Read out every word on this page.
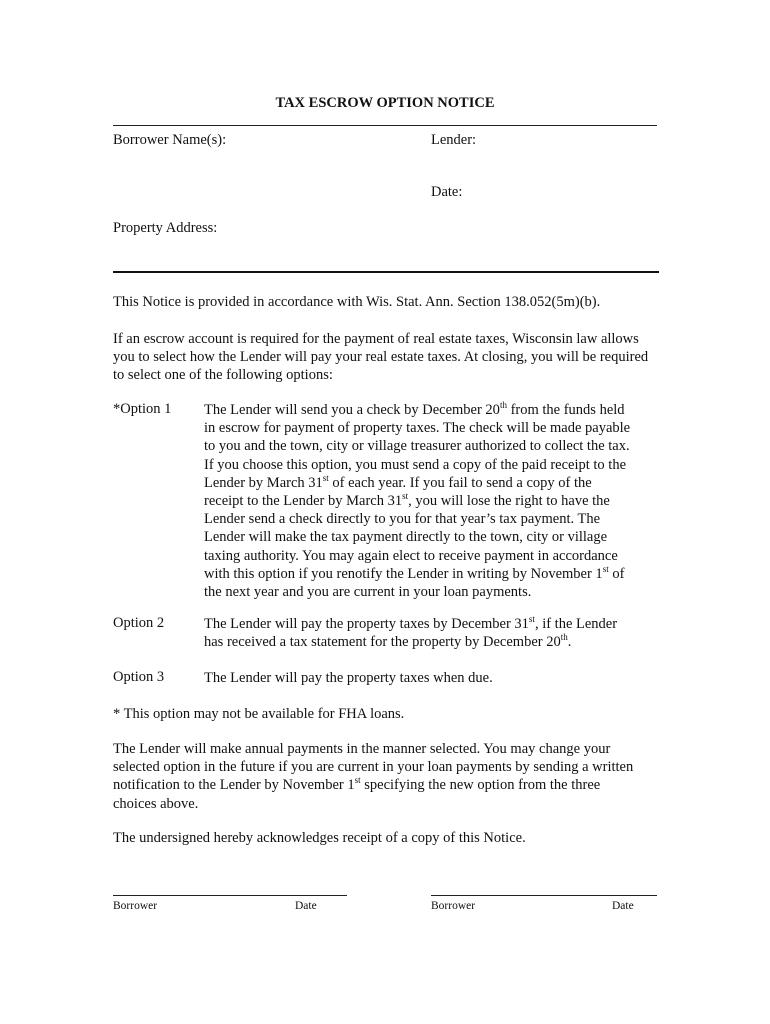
TAX ESCROW OPTION NOTICE
Borrower Name(s):	Lender:
Date:
Property Address:
This Notice is provided in accordance with Wis. Stat. Ann. Section 138.052(5m)(b).
If an escrow account is required for the payment of real estate taxes, Wisconsin law allows you to select how the Lender will pay your real estate taxes. At closing, you will be required to select one of the following options:
*Option 1 The Lender will send you a check by December 20th from the funds held
in escrow for payment of property taxes. The check will be made payable
to you and the town, city or village treasurer authorized to collect the tax.
If you choose this option, you must send a copy of the paid receipt to the
Lender by March 31st of each year. If you fail to send a copy of the
receipt to the Lender by March 31st, you will lose the right to have the
Lender send a check directly to you for that year’s tax payment. The
Lender will make the tax payment directly to the town, city or village
taxing authority. You may again elect to receive payment in accordance
with this option if you renotify the Lender in writing by November 1st of
the next year and you are current in your loan payments.
Option 2	The Lender will pay the property taxes by December 31st, if the Lender
has received a tax statement for the property by December 20th.
Option 3	The Lender will pay the property taxes when due.
* This option may not be available for FHA loans.
The Lender will make annual payments in the manner selected. You may change your
selected option in the future if you are current in your loan payments by sending a written
notification to the Lender by November 1st specifying the new option from the three
choices above.
The undersigned hereby acknowledges receipt of a copy of this Notice.
Borrower	Date	Borrower	Date
